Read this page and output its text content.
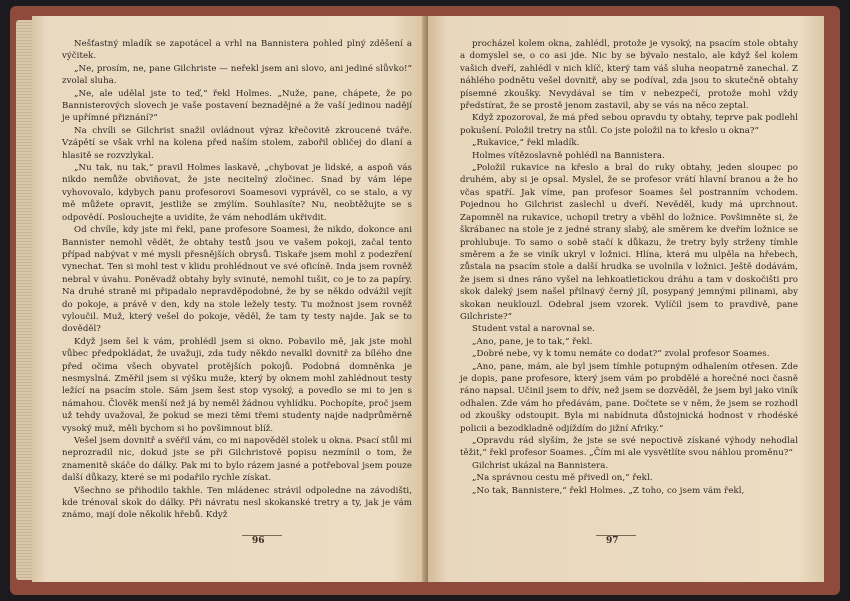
Nešťastný mladík se zapotácel a vrhl na Bannistera pohled plný zděšení a výčitek.

„Ne, prosím, ne, pane Gilchriste — neřekl jsem ani slovo, ani jediné slůvko!“ zvolal sluha.

„Ne, ale udělal jste to teď,“ řekl Holmes. „Nuže, pane, chápete, že po Bannisterových slovech je vaše postavení beznadějné a že vaší jedinou nadějí je upřímné přiznání?“

Na chvíli se Gilchrist snažil ovládnout výraz křečovitě zkroucené tváře. Vzápětí se však vrhl na kolena před naším stolem, zabořil obličej do dlaní a hlasitě se rozvzlykal.

„Nu tak, nu tak,“ pravil Holmes laskavě, „chybovat je lidské, a aspoň vás nikdo nemůže obviňovat, že jste necitelný zločinec. Snad by vám lépe vyhovovalo, kdybych panu profesorovi Soamesovi vyprávěl, co se stalo, a vy mě můžete opravit, jestliže se zmýlím. Souhlasíte? Nu, neobtěžujte se s odpovědí. Poslouchejte a uvidíte, že vám nehodlám ukřivdit.

Od chvíle, kdy jste mi řekl, pane profesore Soamesi, že nikdo, dokonce ani Bannister nemohl vědět, že obtahy testů jsou ve vašem pokoji, začal tento případ nabývat v mé mysli přesnějších obrysů. Tiskaře jsem mohl z podezření vynechat. Ten si mohl test v klidu prohlédnout ve své oficíně. Inda jsem rovněž nebral v úvahu. Poněvadž obtahy byly svinuté, nemohl tušit, co je to za papíry. Na druhé straně mi připadalo nepravděpodobné, že by se někdo odvážil vejít do pokoje, a právě v den, kdy na stole ležely testy. Tu možnost jsem rovněž vyloučil. Muž, který vešel do pokoje, věděl, že tam ty testy najde. Jak se to dověděl?

Když jsem šel k vám, prohlédl jsem si okno. Pobavilo mě, jak jste mohl vůbec předpokládat, že uvažuji, zda tudy někdo nevalkl dovnitř za bílého dne před očima všech obyvatel protějších pokojů. Podobná domněnka je nesmyslná. Změřil jsem si výšku muže, který by oknem mohl zahlédnout testy ležící na psacím stole. Sám jsem šest stop vysoký, a povedlo se mi to jen s námahou. Člověk menší než já by neměl žádnou vyhlídku. Pochopíte, proč jsem už tehdy uvažoval, že pokud se mezi těmi třemi studenty najde nadprůměrně vysoký muž, měli bychom si ho povšimnout blíž.

Vešel jsem dovnitř a svěřil vám, co mi napověděl stolek u okna. Psací stůl mi neprozradil nic, dokud jste se při Gilchristově popisu nezmínil o tom, že znamenitě skáče do dálky. Pak mi to bylo rázem jasné a potřeboval jsem pouze další důkazy, které se mi podařilo rychle získat.

Všechno se přihodilo takhle. Ten mládenec strávil odpoledne na závodišti, kde trénoval skok do dálky. Při návratu nesl skokanské tretry a ty, jak je vám známo, mají dole několik hřebů. Když

96

procházel kolem okna, zahlédl, protože je vysoký, na psacím stole obtahy a domyslel se, o co asi jde. Nic by se bývalo nestalo, ale když šel kolem vašich dveří, zahlédl v nich klíč, který tam váš sluha neopatrně zanechal. Z náhlého podnětu vešel dovnitř, aby se podíval, zda jsou to skutečně obtahy písemné zkoušky. Nevydával se tím v nebezpečí, protože mohl vždy předstírat, že se prostě jenom zastavil, aby se vás na něco zeptal.

Když zpozoroval, že má před sebou opravdu ty obtahy, teprve pak podlehl pokušení. Položil tretry na stůl. Co jste položil na to křeslo u okna?“

„Rukavice,“ řekl mladík.

Holmes vítězoslavně pohlédl na Bannistera.

„Položil rukavice na křeslo a bral do ruky obtahy, jeden sloupec po druhém, aby si je opsal. Myslel, že se profesor vrátí hlavní branou a že ho včas spatří. Jak víme, pan profesor Soames šel postranním vchodem. Pojednou ho Gilchrist zaslechl u dveří. Nevěděl, kudy má uprchnout. Zapomněl na rukavice, uchopil tretry a vběhl do ložnice. Povšimněte si, že škrábanec na stole je z jedné strany slabý, ale směrem ke dveřím ložnice se prohlubuje. To samo o sobě stačí k důkazu, že tretry byly strženy tímhle směrem a že se viník ukryl v ložnici. Hlína, která mu ulpěla na hřebech, zůstala na psacím stole a další hrudka se uvolnila v ložnici. Ještě dodávám, že jsem si dnes ráno vyšel na lehkoatletickou dráhu a tam v doskočišti pro skok daleký jsem našel přilnavý černý jíl, posypaný jemnými pilinami, aby skokan neuklouzl. Odebral jsem vzorek. Vylíčil jsem to pravdivě, pane Gilchriste?“

Student vstal a narovnal se.

„Ano, pane, je to tak,“ řekl.

„Dobré nebe, vy k tomu nemáte co dodat?“ zvolal profesor Soames.

„Ano, pane, mám, ale byl jsem tímhle potupným odhalením otřesen. Zde je dopis, pane profesore, který jsem vám po probdělé a horečné noci časně ráno napsal. Učinil jsem to dřív, než jsem se dozvěděl, že jsem byl jako viník odhalen. Zde vám ho předávám, pane. Dočtete se v něm, že jsem se rozhodl od zkoušky odstoupit. Byla mi nabídnuta důstojnická hodnost v rhodéské policii a bezodkladně odjíždím do jižní Afriky.“

„Opravdu rád slyším, že jste se své nepoctivě získané výhody nehodlal těžit,“ řekl profesor Soames. „Čím mi ale vysvětlíte svou náhlou proměnu?“

Gilchrist ukázal na Bannistera.

„Na správnou cestu mě přivedl on,“ řekl.

„No tak, Bannistere,“ řekl Holmes. „Z toho, co jsem vám řekl,

97
